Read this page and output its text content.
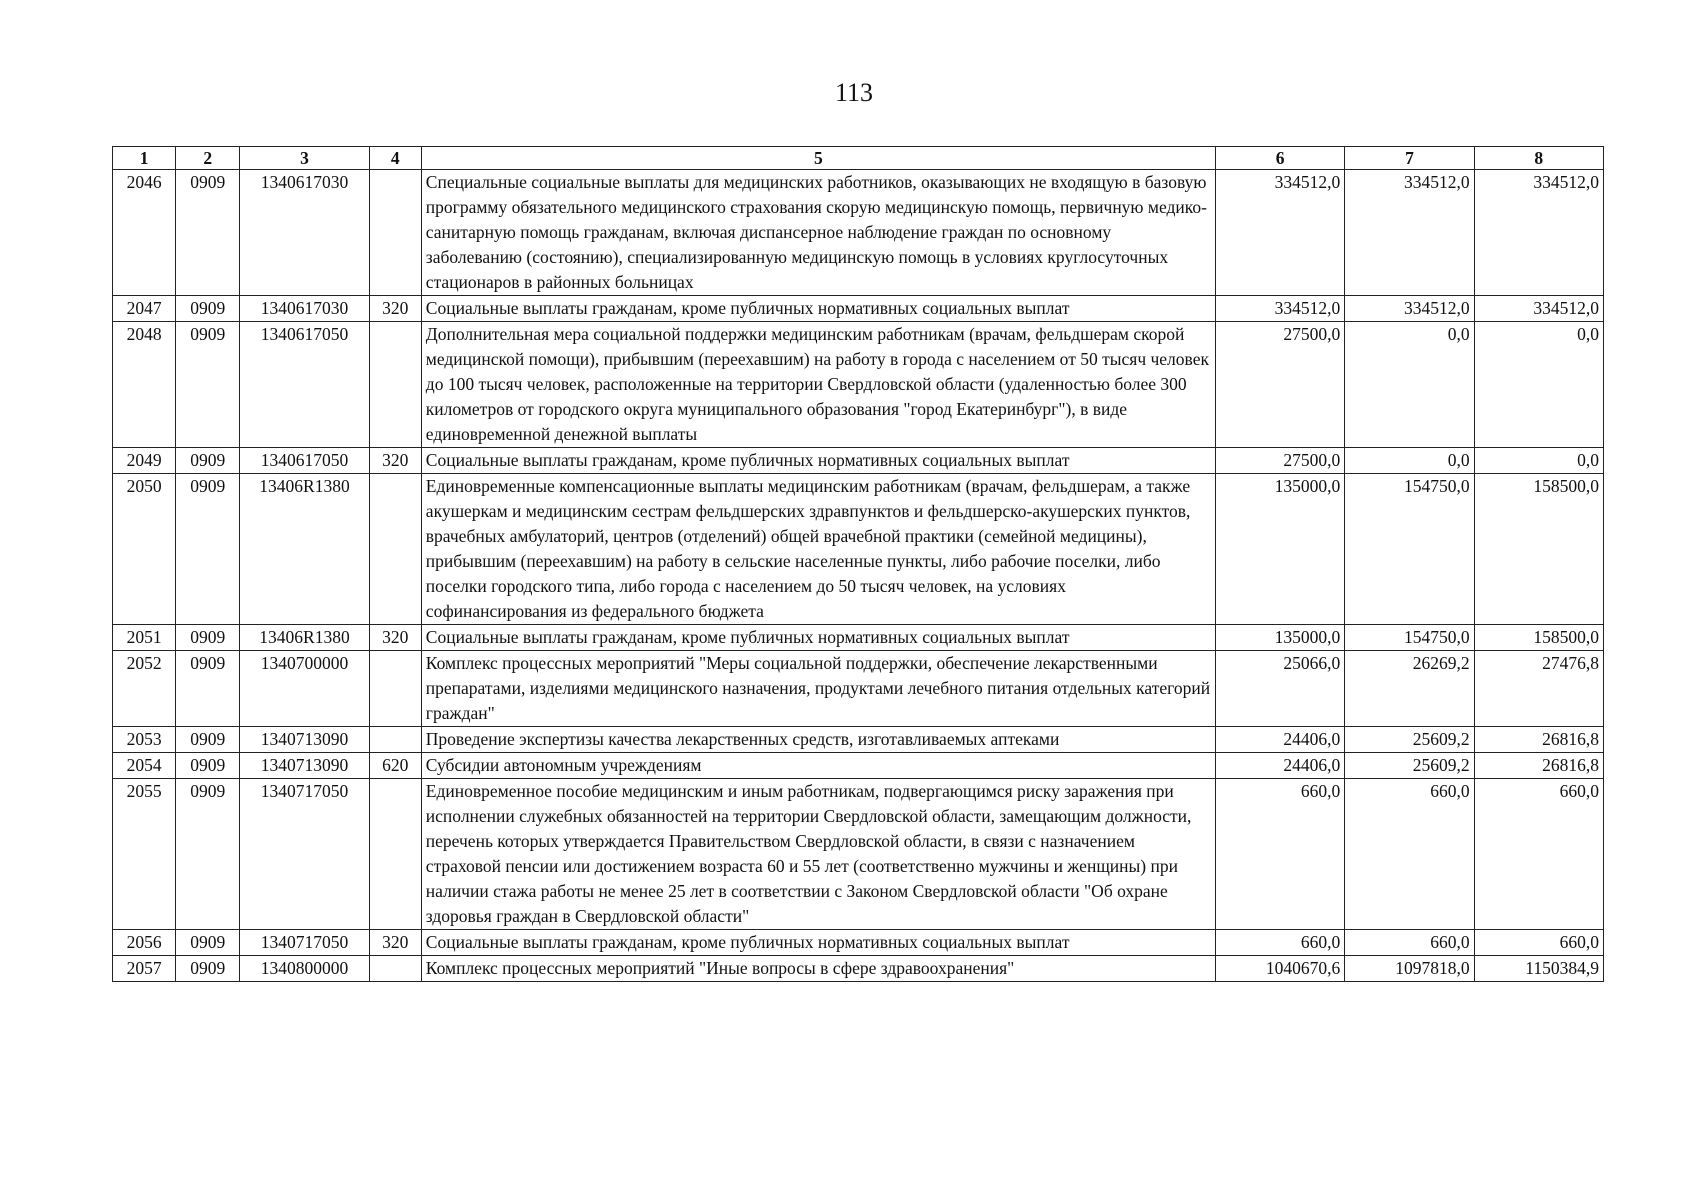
113
1	2	3	4	5	6	7	8
2046	0909	1340617030		Специальные социальные выплаты для медицинских работников, оказывающих не входящую в базовую программу обязательного медицинского страхования скорую медицинскую помощь, первичную медико-санитарную помощь гражданам, включая диспансерное наблюдение граждан по основному заболеванию (состоянию), специализированную медицинскую помощь в условиях круглосуточных стационаров в районных больницах	334512,0	334512,0	334512,0
2047	0909	1340617030	320	Социальные выплаты гражданам, кроме публичных нормативных социальных выплат	334512,0	334512,0	334512,0
2048	0909	1340617050		Дополнительная мера социальной поддержки медицинским работникам (врачам, фельдшерам скорой медицинской помощи), прибывшим (переехавшим) на работу в города с населением от 50 тысяч человек до 100 тысяч человек, расположенные на территории Свердловской области (удаленностью более 300 километров от городского округа муниципального образования "город Екатеринбург"), в виде единовременной денежной выплаты	27500,0	0,0	0,0
2049	0909	1340617050	320	Социальные выплаты гражданам, кроме публичных нормативных социальных выплат	27500,0	0,0	0,0
2050	0909	13406R1380		Единовременные компенсационные выплаты медицинским работникам (врачам, фельдшерам, а также акушеркам и медицинским сестрам фельдшерских здравпунктов и фельдшерско-акушерских пунктов, врачебных амбулаторий, центров (отделений) общей врачебной практики (семейной медицины), прибывшим (переехавшим) на работу в сельские населенные пункты, либо рабочие поселки, либо поселки городского типа, либо города с населением до 50 тысяч человек, на условиях софинансирования из федерального бюджета	135000,0	154750,0	158500,0
2051	0909	13406R1380	320	Социальные выплаты гражданам, кроме публичных нормативных социальных выплат	135000,0	154750,0	158500,0
2052	0909	1340700000		Комплекс процессных мероприятий "Меры социальной поддержки, обеспечение лекарственными препаратами, изделиями медицинского назначения, продуктами лечебного питания отдельных категорий граждан"	25066,0	26269,2	27476,8
2053	0909	1340713090		Проведение экспертизы качества лекарственных средств, изготавливаемых аптеками	24406,0	25609,2	26816,8
2054	0909	1340713090	620	Субсидии автономным учреждениям	24406,0	25609,2	26816,8
2055	0909	1340717050		Единовременное пособие медицинским и иным работникам, подвергающимся риску заражения при исполнении служебных обязанностей на территории Свердловской области, замещающим должности, перечень которых утверждается Правительством Свердловской области, в связи с назначением страховой пенсии или достижением возраста 60 и 55 лет (соответственно мужчины и женщины) при наличии стажа работы не менее 25 лет в соответствии с Законом Свердловской области "Об охране здоровья граждан в Свердловской области"	660,0	660,0	660,0
2056	0909	1340717050	320	Социальные выплаты гражданам, кроме публичных нормативных социальных выплат	660,0	660,0	660,0
2057	0909	1340800000		Комплекс процессных мероприятий "Иные вопросы в сфере здравоохранения"	1040670,6	1097818,0	1150384,9
